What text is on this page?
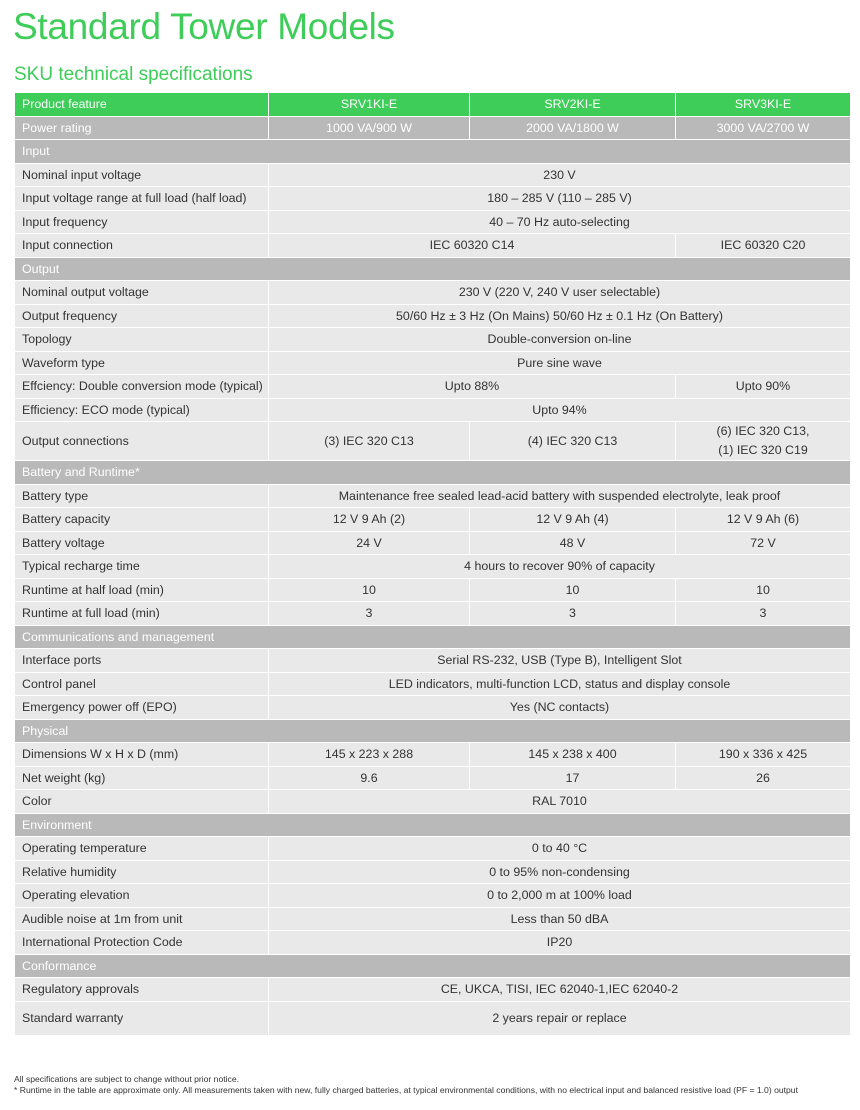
Standard Tower Models
SKU technical specifications
Product feature	SRV1KI-E	SRV2KI-E	SRV3KI-E
Power rating	1000 VA/900 W	2000 VA/1800 W	3000 VA/2700 W
Input			
Nominal input voltage	230 V		
Input voltage range at full load (half load)	180 – 285 V (110 – 285 V)		
Input frequency	40 – 70 Hz auto-selecting		
Input connection	IEC 60320 C14		IEC 60320 C20
Output			
Nominal output voltage	230 V (220 V, 240 V user selectable)		
Output frequency	50/60 Hz ± 3 Hz (On Mains) 50/60 Hz ± 0.1 Hz (On Battery)		
Topology	Double-conversion on-line		
Waveform type	Pure sine wave		
Effciency: Double conversion mode (typical)	Upto 88%		Upto 90%
Efficiency: ECO mode (typical)	Upto 94%		
Output connections	(3) IEC 320 C13	(4) IEC 320 C13	(6) IEC 320 C13,
(1) IEC 320 C19
Battery and Runtime*			
Battery type	Maintenance free sealed lead-acid battery with suspended electrolyte, leak proof		
Battery capacity	12 V 9 Ah (2)	12 V 9 Ah (4)	12 V 9 Ah (6)
Battery voltage	24 V	48 V	72 V
Typical recharge time	4 hours to recover 90% of capacity		
Runtime at half load (min)	10	10	10
Runtime at full load (min)	3	3	3
Communications and management			
Interface ports	Serial RS-232, USB (Type B), Intelligent Slot		
Control panel	LED indicators, multi-function LCD, status and display console		
Emergency power off (EPO)	Yes (NC contacts)		
Physical			
Dimensions W x H x D (mm)	145 x 223 x 288	145 x 238 x 400	190 x 336 x 425
Net weight (kg)	9.6	17	26
Color	RAL 7010		
Environment			
Operating temperature	0 to 40 °C		
Relative humidity	0 to 95% non-condensing		
Operating elevation	0 to 2,000 m at 100% load		
Audible noise at 1m from unit	Less than 50 dBA		
International Protection Code	IP20		
Conformance			
Regulatory approvals	CE, UKCA, TISI, IEC 62040-1,IEC 62040-2		
Standard warranty	2 years repair or replace		

All specifications are subject to change without prior notice.

* Runtime in the table are approximate only. All measurements taken with new, fully charged batteries, at typical environmental conditions, with no electrical input and balanced resistive load (PF = 1.0) output
